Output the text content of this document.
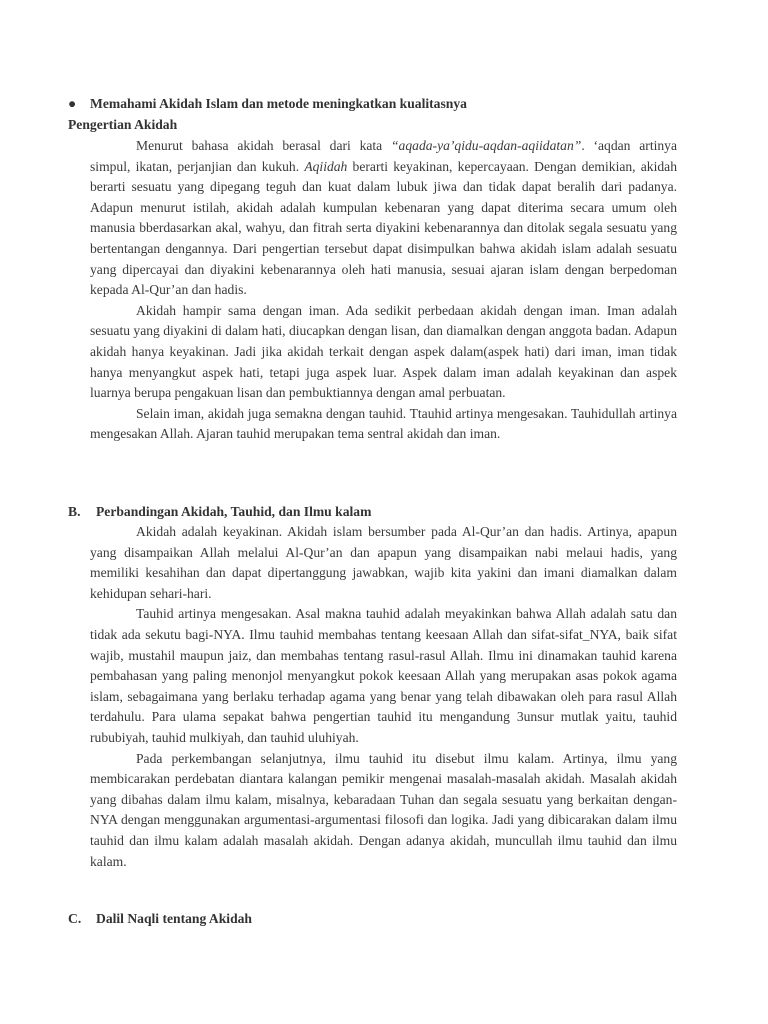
● Memahami Akidah Islam dan metode meningkatkan kualitasnya
Pengertian Akidah

Menurut bahasa akidah berasal dari kata “aqada-ya’qidu-aqdan-aqiidatan”. ‘aqdan artinya simpul, ikatan, perjanjian dan kukuh. Aqiidah berarti keyakinan, kepercayaan. Dengan demikian, akidah berarti sesuatu yang dipegang teguh dan kuat dalam lubuk jiwa dan tidak dapat beralih dari padanya. Adapun menurut istilah, akidah adalah kumpulan kebenaran yang dapat diterima secara umum oleh manusia bberdasarkan akal, wahyu, dan fitrah serta diyakini kebenarannya dan ditolak segala sesuatu yang bertentangan dengannya. Dari pengertian tersebut dapat disimpulkan bahwa akidah islam adalah sesuatu yang dipercayai dan diyakini kebenarannya oleh hati manusia, sesuai ajaran islam dengan berpedoman kepada Al-Qur’an dan hadis.

Akidah hampir sama dengan iman. Ada sedikit perbedaan akidah dengan iman. Iman adalah sesuatu yang diyakini di dalam hati, diucapkan dengan lisan, dan diamalkan dengan anggota badan. Adapun akidah hanya keyakinan. Jadi jika akidah terkait dengan aspek dalam(aspek hati) dari iman, iman tidak hanya menyangkut aspek hati, tetapi juga aspek luar. Aspek dalam iman adalah keyakinan dan aspek luarnya berupa pengakuan lisan dan pembuktiannya dengan amal perbuatan.

Selain iman, akidah juga semakna dengan tauhid. Ttauhid artinya mengesakan. Tauhidullah artinya mengesakan Allah. Ajaran tauhid merupakan tema sentral akidah dan iman.

B. Perbandingan Akidah, Tauhid, dan Ilmu kalam

Akidah adalah keyakinan. Akidah islam bersumber pada Al-Qur’an dan hadis. Artinya, apapun yang disampaikan Allah melalui Al-Qur’an dan apapun yang disampaikan nabi melaui hadis, yang memiliki kesahihan dan dapat dipertanggung jawabkan, wajib kita yakini dan imani diamalkan dalam kehidupan sehari-hari.

Tauhid artinya mengesakan. Asal makna tauhid adalah meyakinkan bahwa Allah adalah satu dan tidak ada sekutu bagi-NYA. Ilmu tauhid membahas tentang keesaan Allah dan sifat-sifat_NYA, baik sifat wajib, mustahil maupun jaiz, dan membahas tentang rasul-rasul Allah. Ilmu ini dinamakan tauhid karena pembahasan yang paling menonjol menyangkut pokok keesaan Allah yang merupakan asas pokok agama islam, sebagaimana yang berlaku terhadap agama yang benar yang telah dibawakan oleh para rasul Allah terdahulu. Para ulama sepakat bahwa pengertian tauhid itu mengandung 3unsur mutlak yaitu, tauhid rububiyah, tauhid mulkiyah, dan tauhid uluhiyah.

Pada perkembangan selanjutnya, ilmu tauhid itu disebut ilmu kalam. Artinya, ilmu yang membicarakan perdebatan diantara kalangan pemikir mengenai masalah-masalah akidah. Masalah akidah yang dibahas dalam ilmu kalam, misalnya, kebaradaan Tuhan dan segala sesuatu yang berkaitan dengan-NYA dengan menggunakan argumentasi-argumentasi filosofi dan logika. Jadi yang dibicarakan dalam ilmu tauhid dan ilmu kalam adalah masalah akidah. Dengan adanya akidah, muncullah ilmu tauhid dan ilmu kalam.

C. Dalil Naqli tentang Akidah
